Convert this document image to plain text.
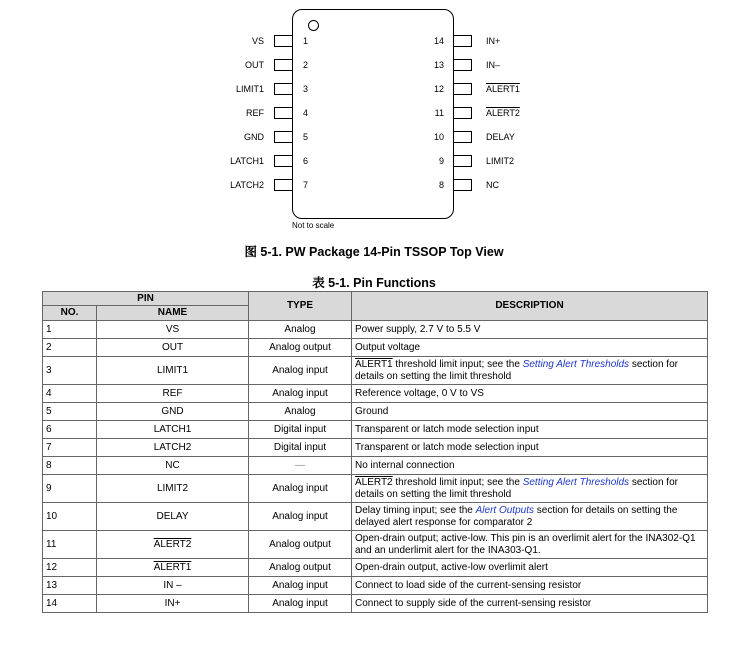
VS	1
OUT	2
LIMIT1	3
REF	4
GND	5
LATCH1	6
LATCH2	7
14	IN+
13	IN–
12	ALERT1
11	ALERT2
10	DELAY
9	LIMIT2
8	NC
Not to scale
图 5-1. PW Package 14-Pin TSSOP Top View
表 5-1. Pin Functions
PIN		TYPE	DESCRIPTION
NO.	NAME		
1	VS	Analog	Power supply, 2.7 V to 5.5 V
2	OUT	Analog output	Output voltage
3	LIMIT1	Analog input	ALERT1 threshold limit input; see the Setting Alert Thresholds section for details on setting the limit threshold
4	REF	Analog input	Reference voltage, 0 V to VS
5	GND	Analog	Ground
6	LATCH1	Digital input	Transparent or latch mode selection input
7	LATCH2	Digital input	Transparent or latch mode selection input
8	NC	—	No internal connection
9	LIMIT2	Analog input	ALERT2 threshold limit input; see the Setting Alert Thresholds section for details on setting the limit threshold
10	DELAY	Analog input	Delay timing input; see the Alert Outputs section for details on setting the delayed alert response for comparator 2
11	ALERT2	Analog output	Open-drain output; active-low. This pin is an overlimit alert for the INA302-Q1 and an underlimit alert for the INA303-Q1.
12	ALERT1	Analog output	Open-drain output, active-low overlimit alert
13	IN –	Analog input	Connect to load side of the current-sensing resistor
14	IN+	Analog input	Connect to supply side of the current-sensing resistor
